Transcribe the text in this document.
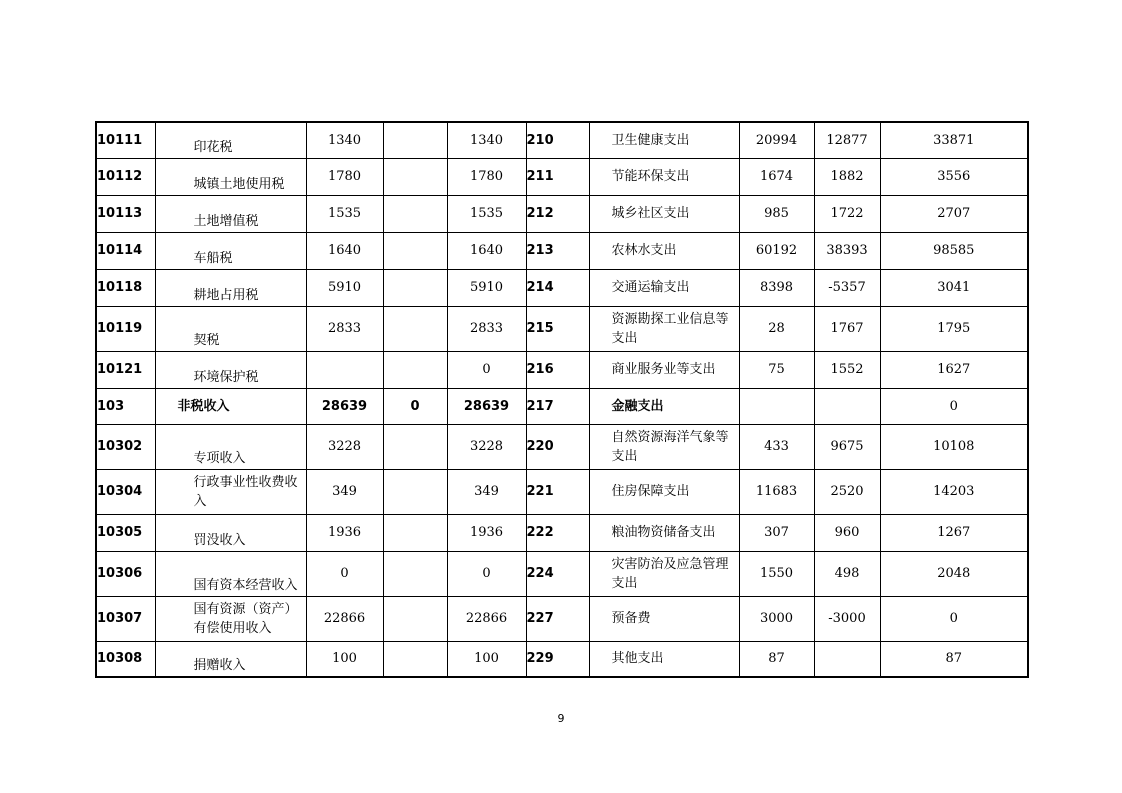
10111	印花税	1340		1340	210	卫生健康支出	20994	12877	33871
10112	城镇土地使用税	1780		1780	211	节能环保支出	1674	1882	3556
10113	土地增值税	1535		1535	212	城乡社区支出	985	1722	2707
10114	车船税	1640		1640	213	农林水支出	60192	38393	98585
10118	耕地占用税	5910		5910	214	交通运输支出	8398	-5357	3041
10119	契税	2833		2833	215	资源勘探工业信息等支出	28	1767	1795
10121	环境保护税			0	216	商业服务业等支出	75	1552	1627
103	非税收入	28639	0	28639	217	金融支出			0
10302	专项收入	3228		3228	220	自然资源海洋气象等支出	433	9675	10108
10304	行政事业性收费收入	349		349	221	住房保障支出	11683	2520	14203
10305	罚没收入	1936		1936	222	粮油物资储备支出	307	960	1267
10306	国有资本经营收入	0		0	224	灾害防治及应急管理支出	1550	498	2048
10307	国有资源（资产）有偿使用收入	22866		22866	227	预备费	3000	-3000	0
10308	捐赠收入	100		100	229	其他支出	87		87
9
